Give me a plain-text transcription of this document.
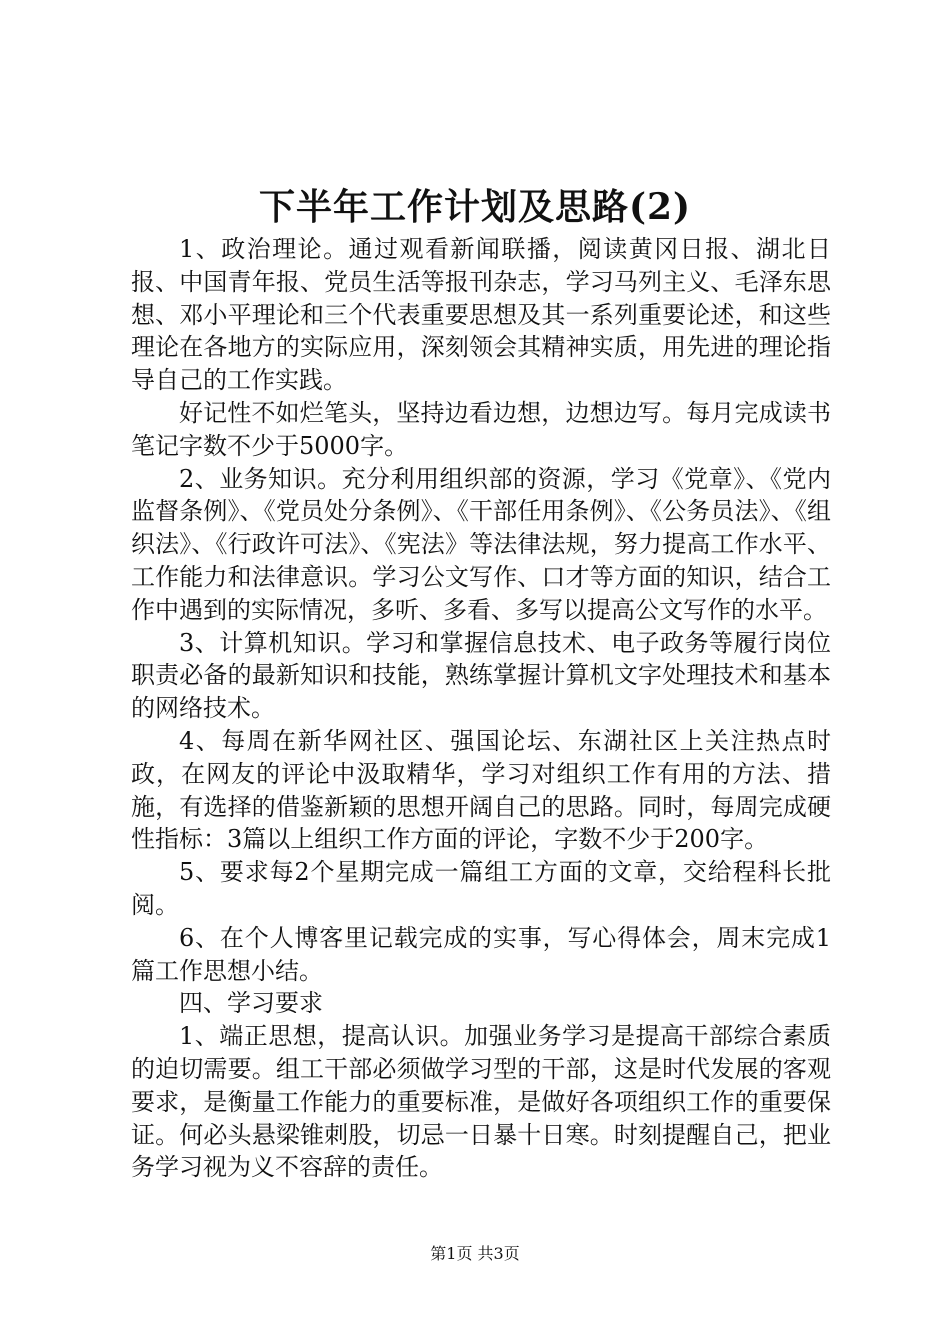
下半年工作计划及思路(2)

1、政治理论。通过观看新闻联播，阅读黄冈日报、湖北日报、中国青年报、党员生活等报刊杂志，学习马列主义、毛泽东思想、邓小平理论和三个代表重要思想及其一系列重要论述，和这些理论在各地方的实际应用，深刻领会其精神实质，用先进的理论指导自己的工作实践。

好记性不如烂笔头，坚持边看边想，边想边写。每月完成读书笔记字数不少于5000字。

2、业务知识。充分利用组织部的资源，学习《党章》、《党内监督条例》、《党员处分条例》、《干部任用条例》、《公务员法》、《组织法》、《行政许可法》、《宪法》等法律法规，努力提高工作水平、工作能力和法律意识。学习公文写作、口才等方面的知识，结合工作中遇到的实际情况，多听、多看、多写以提高公文写作的水平。

3、计算机知识。学习和掌握信息技术、电子政务等履行岗位职责必备的最新知识和技能，熟练掌握计算机文字处理技术和基本的网络技术。

4、每周在新华网社区、强国论坛、东湖社区上关注热点时政，在网友的评论中汲取精华，学习对组织工作有用的方法、措施，有选择的借鉴新颖的思想开阔自己的思路。同时，每周完成硬性指标：3篇以上组织工作方面的评论，字数不少于200字。

5、要求每2个星期完成一篇组工方面的文章，交给程科长批阅。

6、在个人博客里记载完成的实事，写心得体会，周末完成1篇工作思想小结。

四、学习要求

1、端正思想，提高认识。加强业务学习是提高干部综合素质的迫切需要。组工干部必须做学习型的干部，这是时代发展的客观要求，是衡量工作能力的重要标准，是做好各项组织工作的重要保证。何必头悬梁锥刺股，切忌一日暴十日寒。时刻提醒自己，把业务学习视为义不容辞的责任。

第1页 共3页
